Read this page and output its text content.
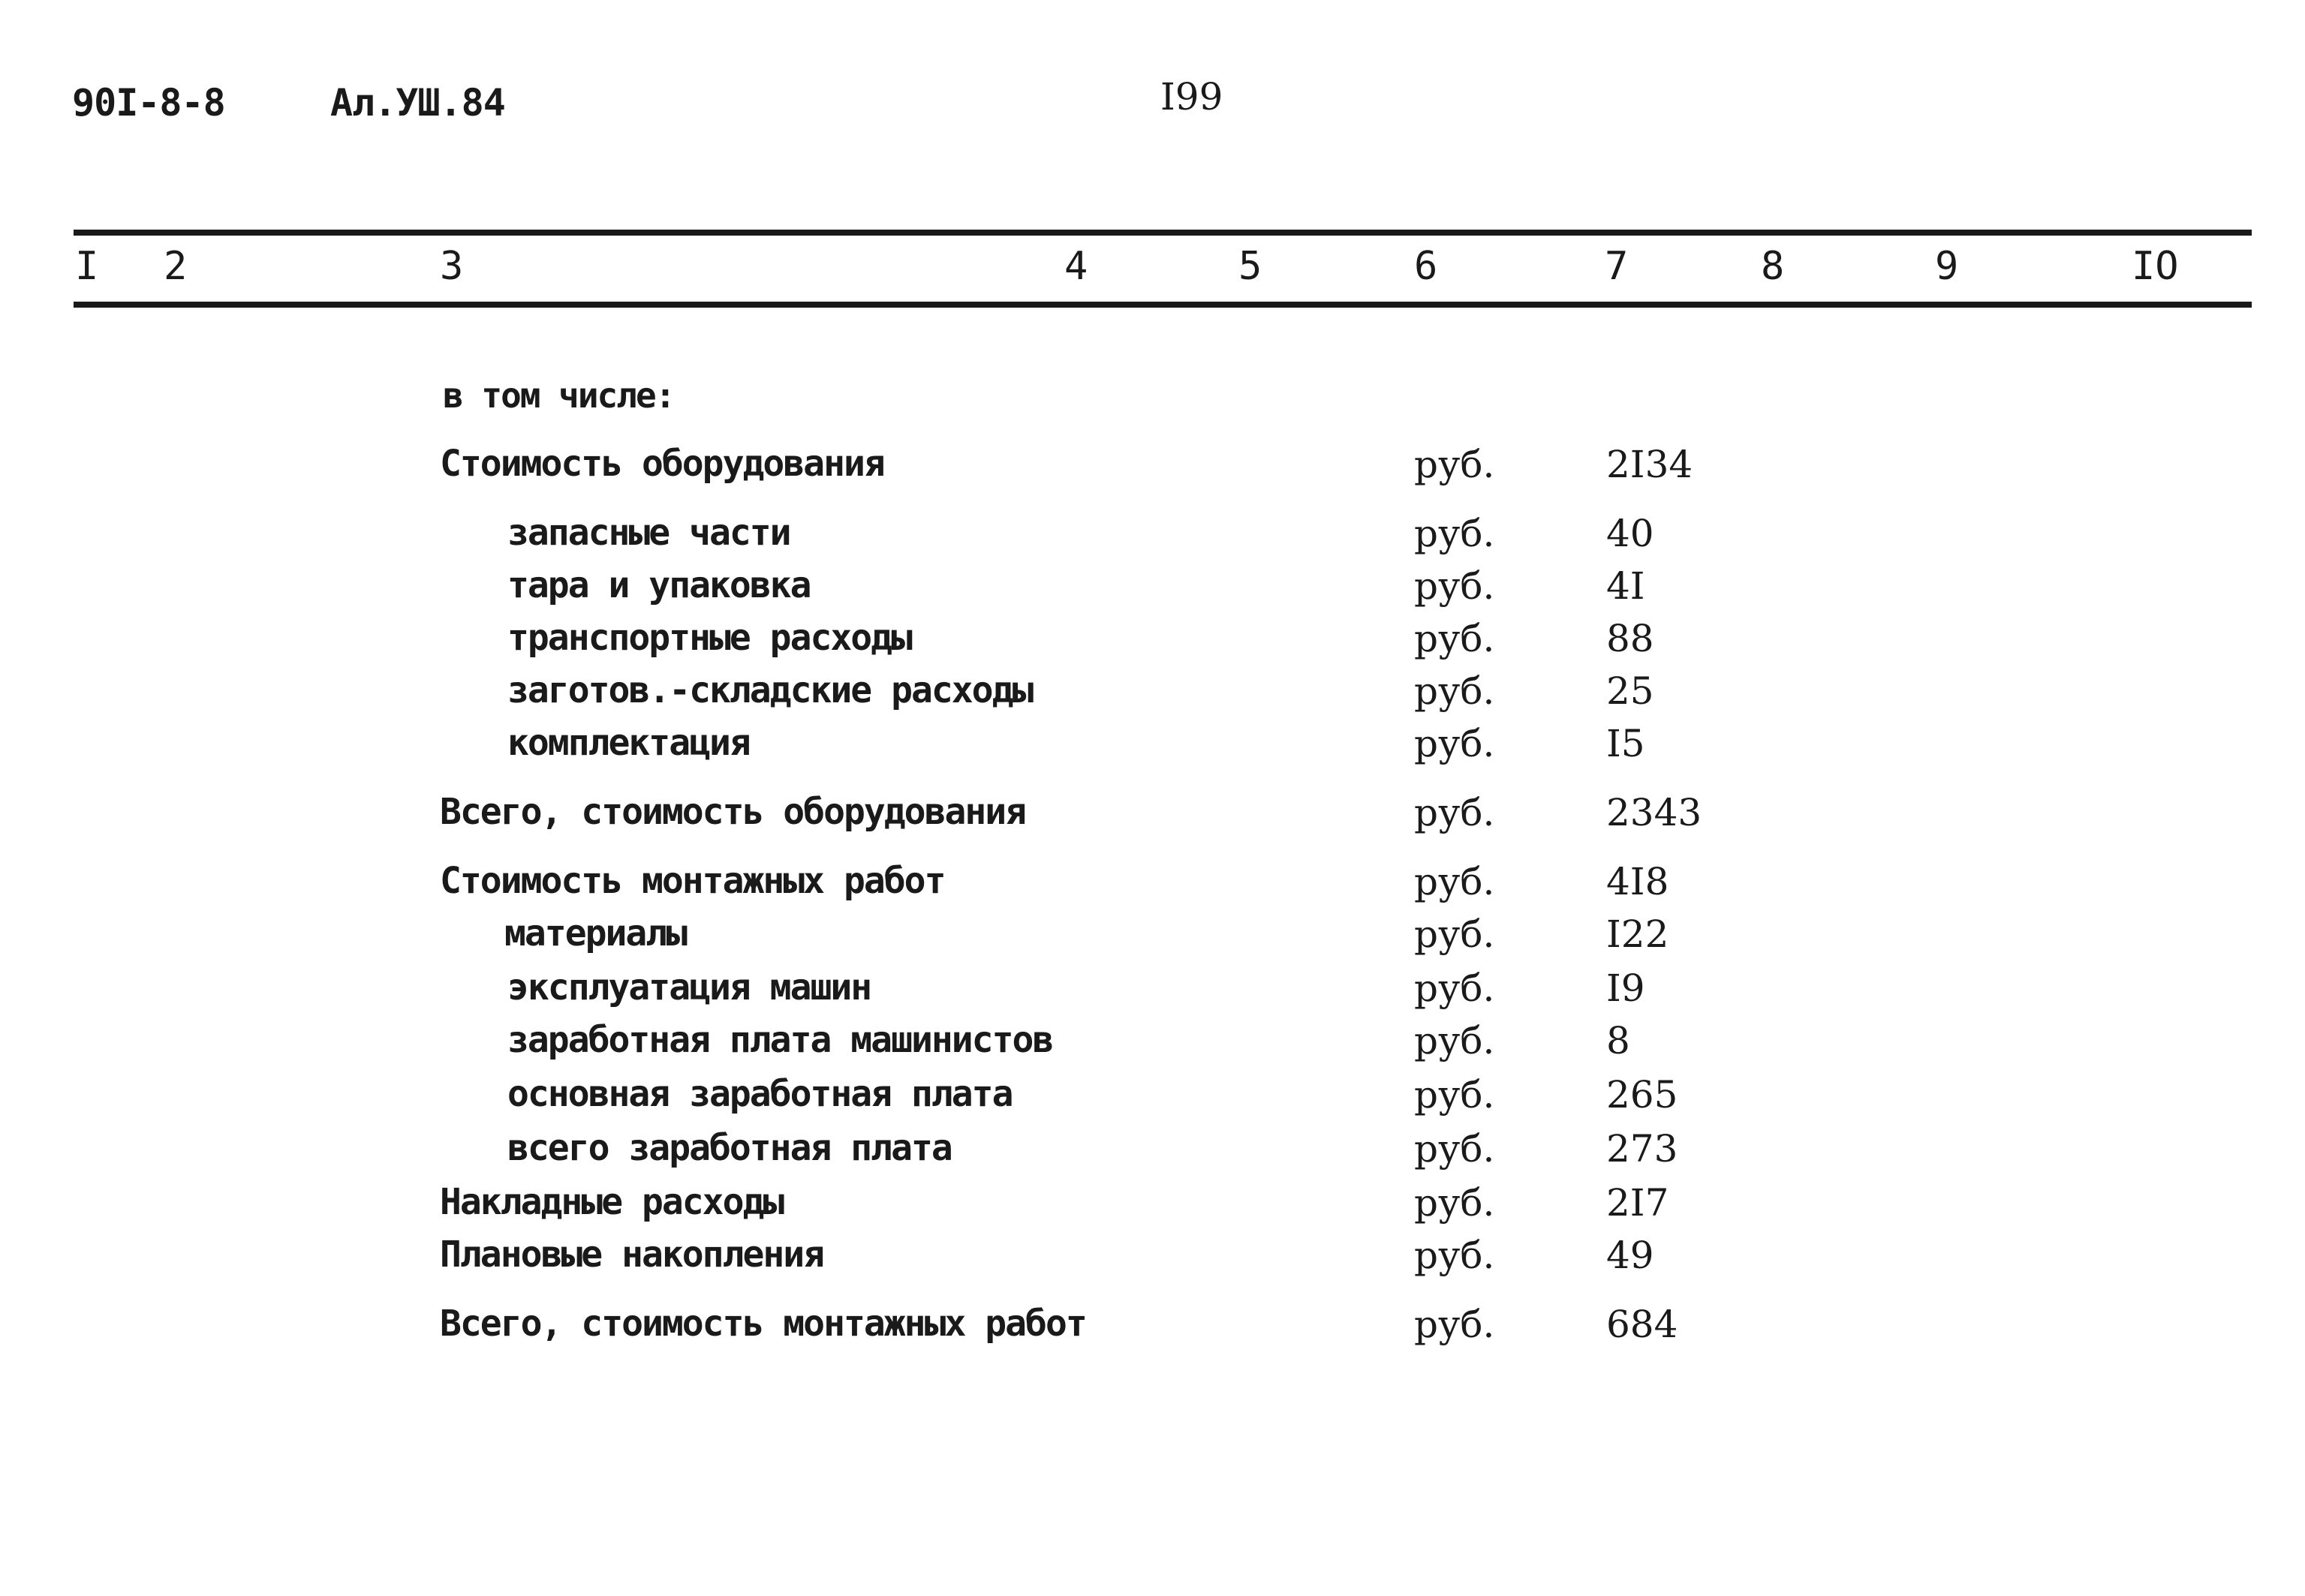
90I-8-8	Ал.УШ.84	I99
I 2	3	4	5	6	7	8	9	IO
в том числе:
Стоимость оборудования	руб.	2I34
запасные части	руб.	40
тара и упаковка	руб.	4I
транспортные расходы	руб.	88
заготов.-складские расходы	руб.	25
комплектация	руб.	I5
Всего, стоимость оборудования	руб.	2343
Стоимость монтажных работ	руб.	4I8
материалы	руб.	I22
эксплуатация машин	руб.	I9
заработная плата машинистов	руб.	8
основная заработная плата	руб.	265
всего заработная плата	руб.	273
Накладные расходы	руб.	2I7
Плановые накопления	руб.	49
Всего, стоимость монтажных работ	руб.	684
